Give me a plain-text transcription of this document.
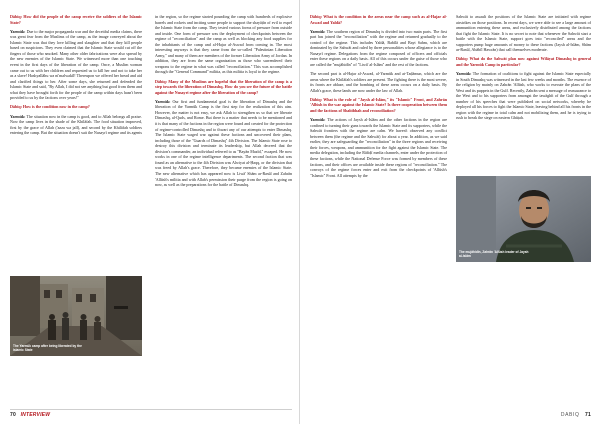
Dābiq: How did the people of the camp receive the soldiers of the Islamic State?

Yarmūk: Due to the major propaganda war and the deceitful media claims, there was great fear from the Muslims of the camp, as the image conveyed about the Islamic State was that they love killing and slaughter and that they kill people based on suspicions. They even claimed that the Islamic State would cut off the fingers of those who smoked. Many other older fabrications were also spread by the new enemies of the Islamic State. We witnessed more than one touching event in the first days of the liberation of the camp. Once, a Muslim woman came out to us with her children and requested us to kill her and not to take her as a slave! Hasbyallāhu wa ni'malwakīl! Thereupon we offered her bread and aid and clarified things to her. After some days, she returned and defended the Islamic State and said, "By Allah, I did not see anything but good from them and what they have brought forth for the people of the camp within days hasn't been provided to us by the factions over years!"

Dābiq: How is the condition now in the camp?

Yarmūk: The situation now in the camp is good, and to Allah belongs all praise. Now the camp lives in the shade of the Khilāfah. The food situation improved, first by the grace of Allah ('azza wa jall), and second by the Khilāfah soldiers entering the camp. But the situation doesn't suit the Nusayrī regime and its agents

The Yarmūk camp after being liberated by the Islamic State

in the region, so the regime started pounding the camp with hundreds of explosive barrels and rockets and inciting some people to support the shayāṭīn of evil to expel the Islamic State from the camp. They tested various forms of pressure from outside and inside. One form of pressure was the deployment of checkpoints between the regime of "reconciliation" and the camp as well as blocking any food supplies for the inhabitants of the camp and al-Hajar al-Aswad from coming in. The most interesting anyways is that they came from the so-called "Palestinian Liberation Army," and many of them are members of the former Liberation Army of Jordan. In addition, they are from the same organization as those who surrendered their weapons to the regime in what was called "reconciliation." This was accomplished through the "General Command" militia, as this militia is loyal to the regime.

Dābiq: Many of the Muslims are hopeful that the liberation of the camp is a step towards the liberation of Dimashq. How do you see the future of the battle against the Nusayrī regime after the liberation of the camp?

Yarmūk: Our first and fundamental goal is the liberation of Dimashq and the liberation of the Yarmūk Camp is the first step for the realization of this aim. However, the matter is not easy, we ask Allah to strengthen us so that we liberate Dimashq, al-Quds, and Rome. But there is a matter that needs to be mentioned and it is that many of the factions in the region were found and created for the protection of regime-controlled Dimashq and to thwart any of our attempts to enter Dimashq. The Islamic State waged war against these factions and uncovered their plans, including those of the "Guards of Dimashq" 4th Division. The Islamic State rose to destroy this division and terminate its leadership, but Allah decreed that the division's commander, an individual referred to as "Bayān Mazīd," escaped. He now works in one of the regime intelligence departments. The second faction that was found as an alternative to the 4th Division was Alwiyat al-Ḥaqq, or the division that was freed by Allah's grace. Therefore, they became enemies of the Islamic State. The new alternative which has appeared now is Liwā' Shām ar-Rasūl and Zahrān 'Allūsh's militia and with Allah's permission their purge from the region is going on now, as well as the preparations for the battle of Dimashq.

70 INTERVIEW

Dābiq: What is the condition in the areas near the camp such as al-Hajar al-Aswad and Yaldā?

Yarmūk: The southern region of Dimashq is divided into two main parts. The first part has joined the "reconciliation" with the regime and returned gradually to the control of the regime. This includes Yaldā, Babīlā and Bayt Sahm, which are dominated by the Sahwāt and ruled by three personalities whose allegiance is to the Nusayrī regime. Delegations from the regime composed of officers and officials enter these regions on a daily basis. All of this occurs under the guise of those who are called the "mujāhidīn" of "Liwā' al-Islām" and the rest of the factions.

The second part is al-Hajar al-Aswad, al-Yarmūk and at-Taḍāmun, which are the areas where the Khilāfah's soldiers are present. The fighting there is the most severe, its fronts are ablaze, and the bombing of these areas occurs on a daily basis. By Allah's grace, these lands are now under the law of Allah.

Dābiq: What is the role of "Jaysh al-Islām," its "Islamic" Front, and Zahrān 'Allūsh in the war against the Islamic State? Is there cooperation between them and the factions of Shabībhah and reconciliation?

Yarmūk: The actions of Jaysh al-Islām and the other factions in the region are confined to turning their guns towards the Islamic State and its supporters, while the Sahwāt frontiers with the regime are calm. We haven't observed any conflict between them (the regime and the Sahwāt) for about a year. In addition, as we said earlier, they are safeguarding the "reconciliation" in the three regions and receiving their forces, weapons, and ammunition for the fight against the Islamic State. The media delegation, including the Rāfiḍī media channels, enter under the protection of these factions, while the National Defense Force was formed by members of these factions, and their offices are available inside these regions of "reconciliation." The convoys of the regime forces enter and exit from the checkpoints of 'Allūsh's "Islamic" Front. All attempts by the

The mujāhidīn, Zahrān 'Allūsh leader of Jaysh al-Islām

Sahwāt to assault the positions of the Islamic State are initiated with regime airstrikes on those positions. In recent days, we were able to see a large amount of ammunition entering these areas, and exclusively distributed among the factions that fight the Islamic State. It is no secret to note that whenever the Sahwāt start a battle with the Islamic State, support goes into "reconciled" areas and the supporters pump huge amounts of money to these factions (Jaysh al-Islām, Shām ar-Rasūl, Abābīl Hawrān) that call themselves moderate.

Dābiq: What do the Sahwāt plan now against Wilāyat Dimashq in general and the Yarmūk Camp in particular?

Yarmūk: The formation of coalitions to fight against the Islamic State especially in South Dimashq was witnessed in the last few weeks and months. The essence of the religion by mainly on Zahrān 'Allūsh, who works to execute the plans of the West and its puppets in the Gulf. Recently, Zahrān sent a message of reassurance to the West and to his supporters from amongst the tawāghīt of the Gulf through a number of his speeches that were published on social networks, whereby he deployed all his forces to fight the Islamic State, leaving behind all his fronts in the region with the regime in total calm and not mobilizing them, and he is trying to rush to break the siege on eastern Ghūṭah.

DABIQ 71
